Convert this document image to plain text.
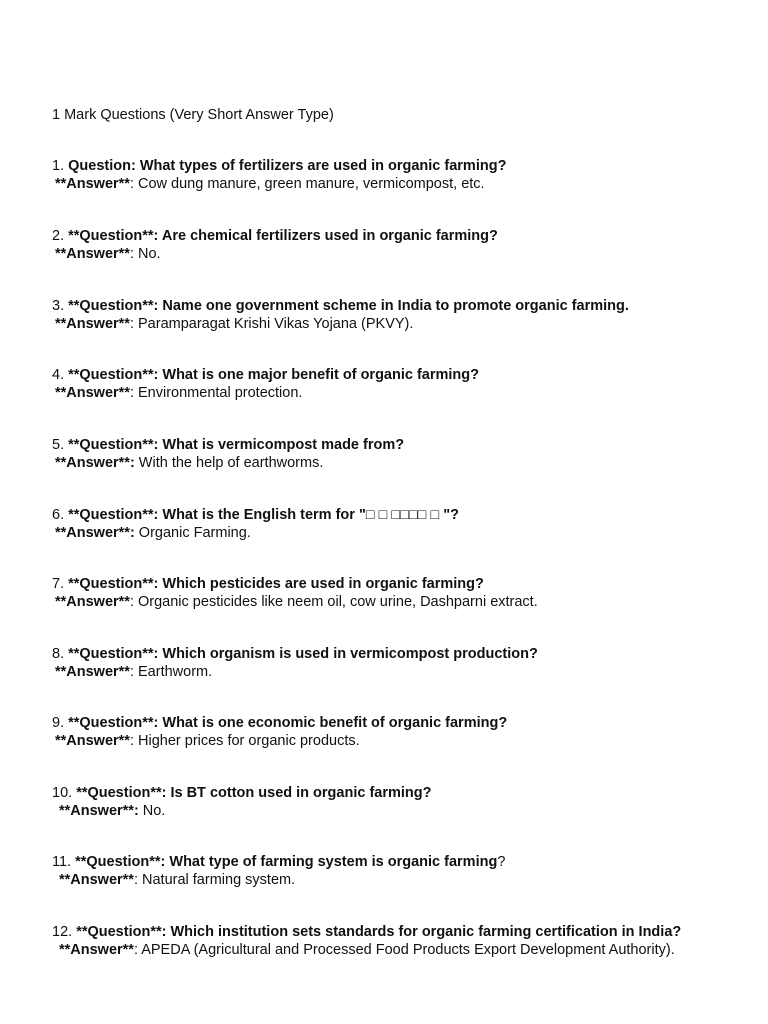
1 Mark Questions (Very Short Answer Type)
1. Question: What types of fertilizers are used in organic farming?
**Answer**: Cow dung manure, green manure, vermicompost, etc.
2. **Question**: Are chemical fertilizers used in organic farming?
**Answer**: No.
3. **Question**: Name one government scheme in India to promote organic farming.
**Answer**: Paramparagat Krishi Vikas Yojana (PKVY).
4. **Question**: What is one major benefit of organic farming?
**Answer**: Environmental protection.
5. **Question**: What is vermicompost made from?
**Answer**: With the help of earthworms.
6. **Question**: What is the English term for "□ □ □□□□ □ "?
**Answer**: Organic Farming.
7. **Question**: Which pesticides are used in organic farming?
**Answer**: Organic pesticides like neem oil, cow urine, Dashparni extract.
8. **Question**: Which organism is used in vermicompost production?
**Answer**: Earthworm.
9. **Question**: What is one economic benefit of organic farming?
**Answer**: Higher prices for organic products.
10. **Question**: Is BT cotton used in organic farming?
**Answer**: No.
11. **Question**: What type of farming system is organic farming?
**Answer**: Natural farming system.
12. **Question**: Which institution sets standards for organic farming certification in India?
**Answer**: APEDA (Agricultural and Processed Food Products Export Development Authority).
